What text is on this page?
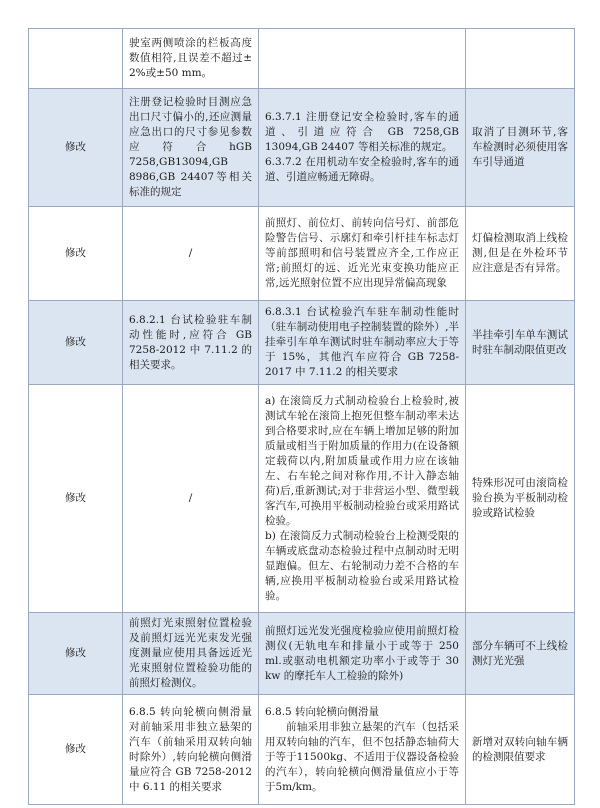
	驶室两侧喷涂的栏板高度数值相符,且误差不超过± 2%或±50 mm。		
修改	注册登记检验时目测应急出口尺寸偏小的,还应测量应急出口的尺寸参见参数应符合hGB 7258,GB13094,GB 8986,GB 24407等相关标准的规定	6.3.7.1 注册登记安全检验时,客车的通道、引道应符合 GB 7258,GB 13094,GB 24407 等相关标准的规定。
6.3.7.2 在用机动车安全检验时,客车的通道、引道应畅通无障碍。	取消了目测环节,客车检测时必须使用客车引导通道
修改	/	前照灯、前位灯、前转向信号灯、前部危险警告信号、示廓灯和牵引杆挂车标志灯等前部照明和信号装置应齐全,工作应正常;前照灯的远、近光光束变换功能应正常,远光照射位置不应出现异常偏高现象	灯偏检测取消上线检测,但是在外检环节应注意是否有异常。
修改	6.8.2.1 台试检验驻车制动性能时,应符合 GB 7258-2012 中 7.11.2 的相关要求。	6.8.3.1 台试检验汽车驻车制动性能时（驻车制动使用电子控制装置的除外）,半挂牵引车单车测试时驻车制动率应大于等于 15%，其他汽车应符合 GB 7258-2017 中 7.11.2 的相关要求	半挂牵引车单车测试时驻车制动限值更改
修改	/	a) 在滚筒反力式制动检验台上检验时,被测试车轮在滚筒上抱死但整车制动率未达到合格要求时,应在车辆上增加足够的附加质量或相当于附加质量的作用力(在设备额定载荷以内,附加质量或作用力应在该轴左、右车轮之间对称作用,不计入静态轴荷)后,重新测试;对于非营运小型、微型载客汽车,可换用平板制动检验台或采用路试检验。
b) 在滚筒反力式制动检验台上检测受限的车辆或底盘动态检验过程中点制动时无明显跑偏。但左、右轮制动力差不合格的车辆,应换用平板制动检验台或采用路试检验。	特殊形况可由滚筒检验台换为平板制动检验或路试检验
修改	前照灯光束照射位置检验及前照灯远光光束发光强度测量应使用具备远近光光束照射位置检验功能的前照灯检测仪。	前照灯远光发光强度检验应使用前照灯检测仪(无轨电车和排量小于或等于 250 ml.或驱动电机额定功率小于或等于 30 kw 的摩托车人工检验的除外)	部分车辆可不上线检测灯光光强
修改	6.8.5 转向轮横向侧滑量对前轴采用非独立悬架的汽车（前轴采用双转向轴时除外）,转向轮横向侧滑量应符合 GB 7258-2012 中 6.11 的相关要求	6.8.5 转向轮横向侧滑量
前轴采用非独立悬架的汽车（包括采用双转向轴的汽车，但不包括静态轴荷大于等于11500kg、不适用于仪器设备检验的汽车），转向轮横向侧滑量值应小于等于5m/km。	新增对双转向轴车辆的检测限值要求
